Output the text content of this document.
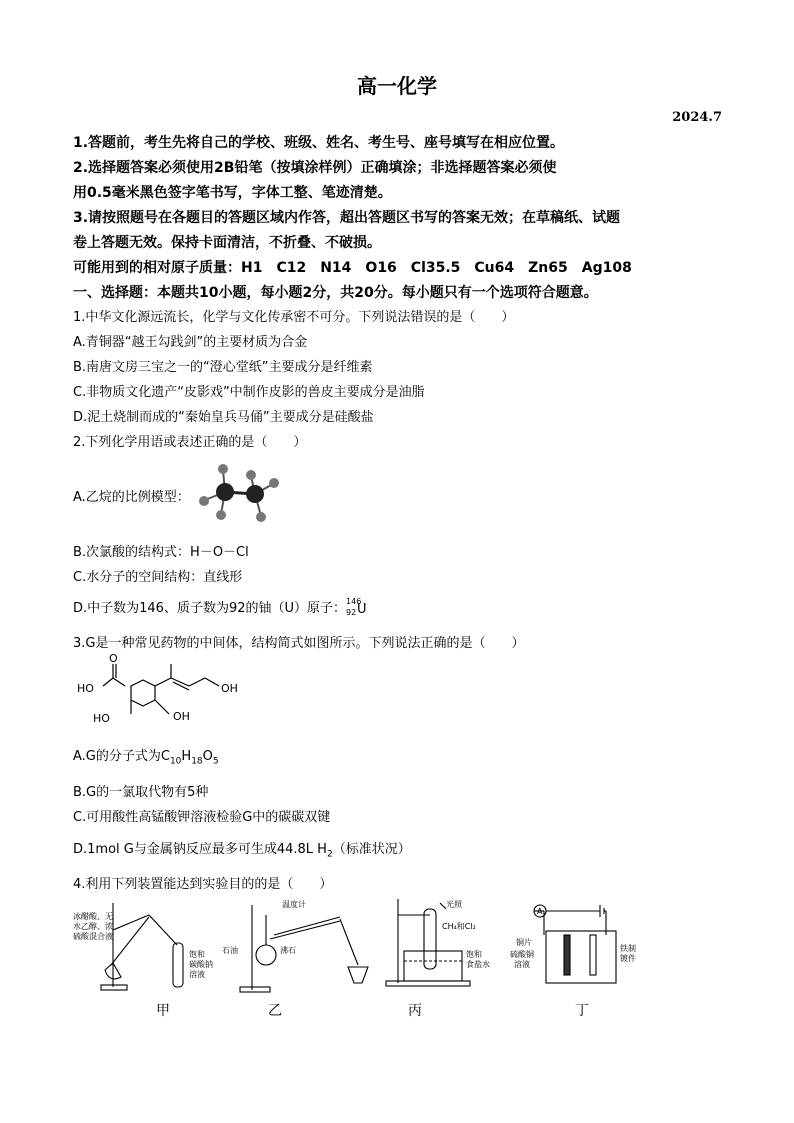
高一化学
2024.7
1.答题前，考生先将自己的学校、班级、姓名、考生号、座号填写在相应位置。
2.选择题答案必须使用2B铅笔（按填涂样例）正确填涂；非选择题答案必须使
用0.5毫米黑色签字笔书写，字体工整、笔迹清楚。
3.请按照题号在各题目的答题区域内作答，超出答题区书写的答案无效；在草稿纸、试题
卷上答题无效。保持卡面清洁，不折叠、不破损。
可能用到的相对原子质量：H1　C12　N14　O16　Cl35.5　Cu64　Zn65　Ag108
一、选择题：本题共10小题，每小题2分，共20分。每小题只有一个选项符合题意。
1.中华文化源远流长，化学与文化传承密不可分。下列说法错误的是（　　）
A.青铜器“越王勾践剑”的主要材质为合金
B.南唐文房三宝之一的“澄心堂纸”主要成分是纤维素
C.非物质文化遗产“皮影戏”中制作皮影的兽皮主要成分是油脂
D.泥土烧制而成的“秦始皇兵马俑”主要成分是硅酸盐
2.下列化学用语或表述正确的是（　　）
A.乙烷的比例模型：
B.次氯酸的结构式：H－O－Cl
C.水分子的空间结构：直线形
D.中子数为146、质子数为92的铀（U）原子： 146
92 U
3.G是一种常见药物的中间体，结构简式如图所示。下列说法正确的是（　　）
O
HO
HO
OH
OH
A.G的分子式为$C_{10}H_{18}O_5$
B.G的一氯取代物有5种
C.可用酸性高锰酸钾溶液检验G中的碳碳双键
D.1mol G与金属钠反应最多可生成44.8L $H_2$（标准状况）
4.利用下列装置能达到实验目的的是（　　）
冰醋酸、无
水乙醇、浓
硫酸混合液
饱和
碳酸钠
溶液
温度计
石油	沸石
光照
CH₄和Cl₂
饱和
食盐水
A
铜片
硫酸铜
溶液
铁制
镀件
甲	乙	丙	丁
